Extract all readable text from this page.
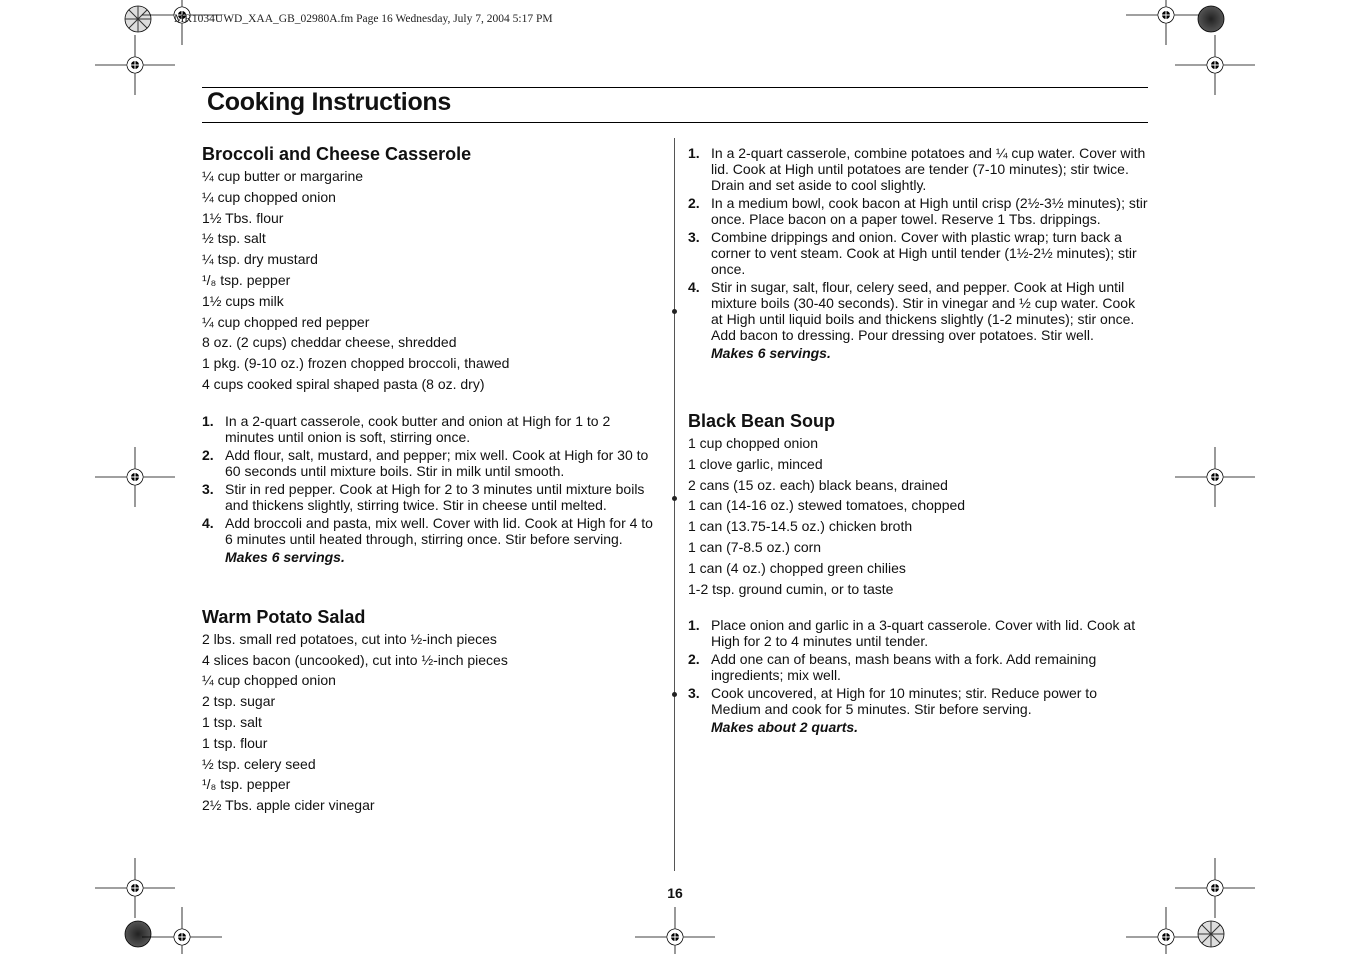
MR1034UWD_XAA_GB_02980A.fm Page 16 Wednesday, July 7, 2004 5:17 PM
Cooking Instructions
Broccoli and Cheese Casserole
¼ cup butter or margarine
¼ cup chopped onion
1½ Tbs. flour
½ tsp. salt
¼ tsp. dry mustard
¹/₈ tsp. pepper
1½ cups milk
¼ cup chopped red pepper
8 oz. (2 cups) cheddar cheese, shredded
1 pkg. (9-10 oz.) frozen chopped broccoli, thawed
4 cups cooked spiral shaped pasta (8 oz. dry)
1. In a 2-quart casserole, cook butter and onion at High for 1 to 2 minutes until onion is soft, stirring once.
2. Add flour, salt, mustard, and pepper; mix well. Cook at High for 30 to 60 seconds until mixture boils. Stir in milk until smooth.
3. Stir in red pepper. Cook at High for 2 to 3 minutes until mixture boils and thickens slightly, stirring twice. Stir in cheese until melted.
4. Add broccoli and pasta, mix well. Cover with lid. Cook at High for 4 to 6 minutes until heated through, stirring once. Stir before serving.
Makes 6 servings.
Warm Potato Salad
2 lbs. small red potatoes, cut into ½-inch pieces
4 slices bacon (uncooked), cut into ½-inch pieces
¼ cup chopped onion
2 tsp. sugar
1 tsp. salt
1 tsp. flour
½ tsp. celery seed
¹/₈ tsp. pepper
2½ Tbs. apple cider vinegar
1. In a 2-quart casserole, combine potatoes and ¼ cup water. Cover with lid. Cook at High until potatoes are tender (7-10 minutes); stir twice. Drain and set aside to cool slightly.
2. In a medium bowl, cook bacon at High until crisp (2½-3½ minutes); stir once. Place bacon on a paper towel. Reserve 1 Tbs. drippings.
3. Combine drippings and onion. Cover with plastic wrap; turn back a corner to vent steam. Cook at High until tender (1½-2½ minutes); stir once.
4. Stir in sugar, salt, flour, celery seed, and pepper. Cook at High until mixture boils (30-40 seconds). Stir in vinegar and ½ cup water. Cook at High until liquid boils and thickens slightly (1-2 minutes); stir once. Add bacon to dressing. Pour dressing over potatoes. Stir well.
Makes 6 servings.
Black Bean Soup
1 cup chopped onion
1 clove garlic, minced
2 cans (15 oz. each) black beans, drained
1 can (14-16 oz.) stewed tomatoes, chopped
1 can (13.75-14.5 oz.) chicken broth
1 can (7-8.5 oz.) corn
1 can (4 oz.) chopped green chilies
1-2 tsp. ground cumin, or to taste
1. Place onion and garlic in a 3-quart casserole. Cover with lid. Cook at High for 2 to 4 minutes until tender.
2. Add one can of beans, mash beans with a fork. Add remaining ingredients; mix well.
3. Cook uncovered, at High for 10 minutes; stir. Reduce power to Medium and cook for 5 minutes. Stir before serving.
Makes about 2 quarts.
16
